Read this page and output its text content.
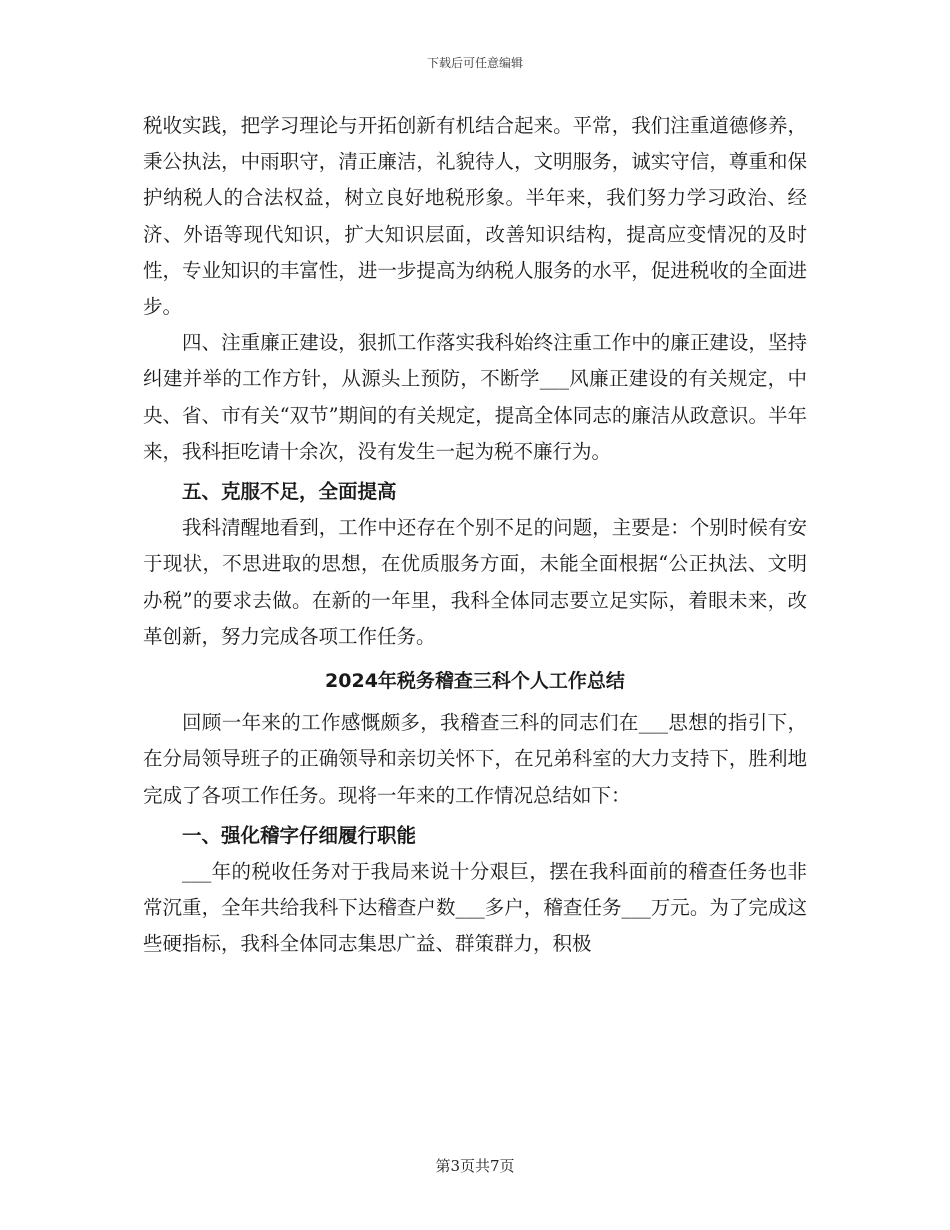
下载后可任意编辑

税收实践，把学习理论与开拓创新有机结合起来。平常，我们注重道德修养，秉公执法，中雨职守，清正廉洁，礼貌待人，文明服务，诚实守信，尊重和保护纳税人的合法权益，树立良好地税形象。半年来，我们努力学习政治、经济、外语等现代知识，扩大知识层面，改善知识结构，提高应变情况的及时性，专业知识的丰富性，进一步提高为纳税人服务的水平，促进税收的全面进步。

四、注重廉正建设，狠抓工作落实我科始终注重工作中的廉正建设，坚持纠建并举的工作方针，从源头上预防，不断学___风廉正建设的有关规定，中央、省、市有关“双节”期间的有关规定，提高全体同志的廉洁从政意识。半年来，我科拒吃请十余次，没有发生一起为税不廉行为。

五、克服不足，全面提高

我科清醒地看到，工作中还存在个别不足的问题，主要是：个别时候有安于现状，不思进取的思想，在优质服务方面，未能全面根据“公正执法、文明办税”的要求去做。在新的一年里，我科全体同志要立足实际，着眼未来，改革创新，努力完成各项工作任务。

2024年税务稽查三科个人工作总结

回顾一年来的工作感慨颇多，我稽查三科的同志们在___思想的指引下，在分局领导班子的正确领导和亲切关怀下，在兄弟科室的大力支持下，胜利地完成了各项工作任务。现将一年来的工作情况总结如下：

一、强化稽字仔细履行职能

___年的税收任务对于我局来说十分艰巨，摆在我科面前的稽查任务也非常沉重，全年共给我科下达稽查户数___多户，稽查任务___万元。为了完成这些硬指标，我科全体同志集思广益、群策群力，积极

第3页共7页
